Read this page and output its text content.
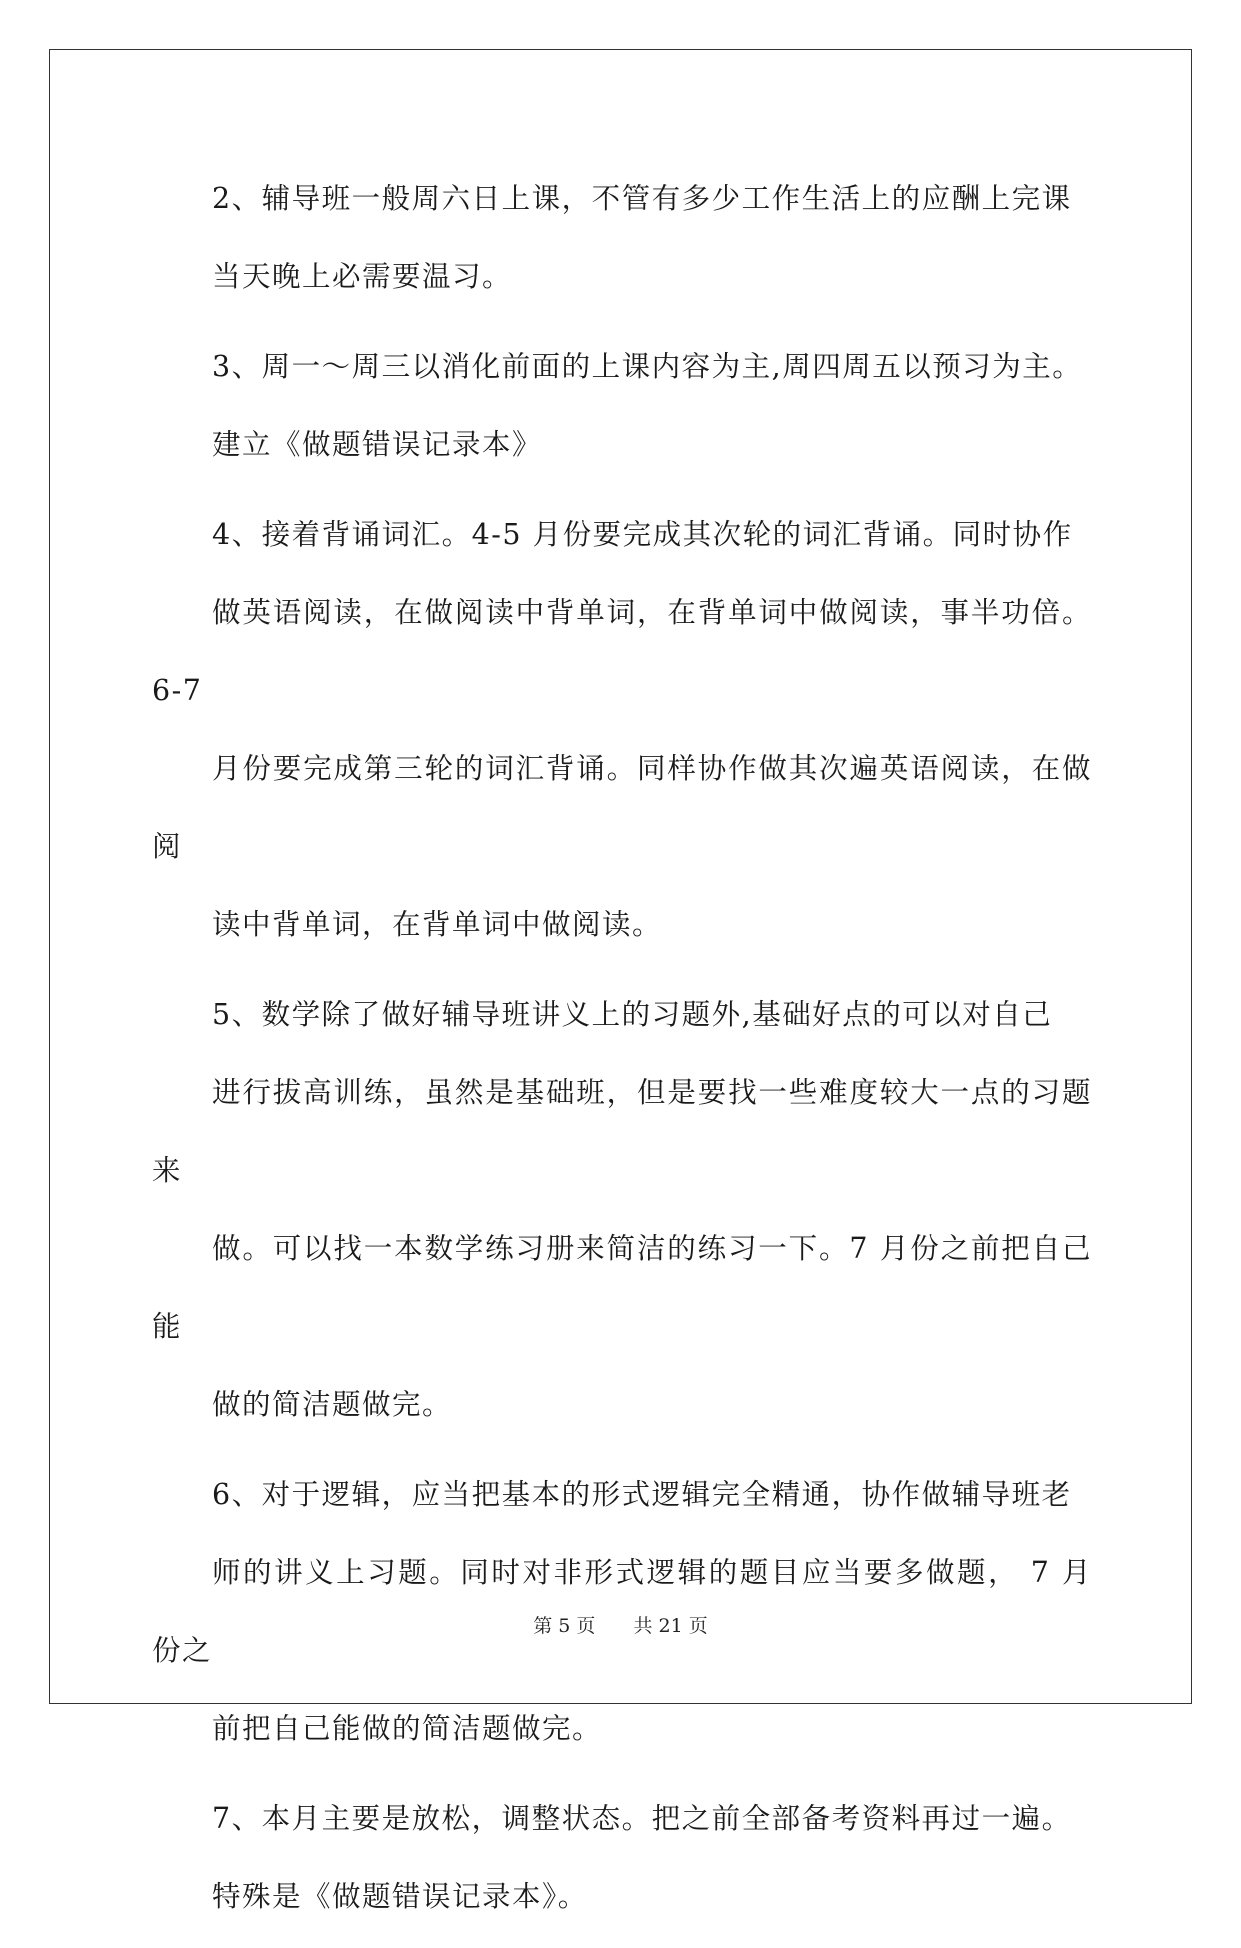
2、辅导班一般周六日上课，不管有多少工作生活上的应酬上完课
当天晚上必需要温习。

3、周一～周三以消化前面的上课内容为主,周四周五以预习为主。
建立《做题错误记录本》

4、接着背诵词汇。4-5 月份要完成其次轮的词汇背诵。同时协作
做英语阅读，在做阅读中背单词，在背单词中做阅读，事半功倍。6-7
月份要完成第三轮的词汇背诵。同样协作做其次遍英语阅读，在做阅
读中背单词，在背单词中做阅读。

5、数学除了做好辅导班讲义上的习题外,基础好点的可以对自己
进行拔高训练，虽然是基础班，但是要找一些难度较大一点的习题来
做。可以找一本数学练习册来简洁的练习一下。7 月份之前把自己能
做的简洁题做完。

6、对于逻辑，应当把基本的形式逻辑完全精通，协作做辅导班老
师的讲义上习题。同时对非形式逻辑的题目应当要多做题， 7 月份之
前把自己能做的简洁题做完。

7、本月主要是放松，调整状态。把之前全部备考资料再过一遍。
特殊是《做题错误记录本》。

第 5 页 共 21 页
